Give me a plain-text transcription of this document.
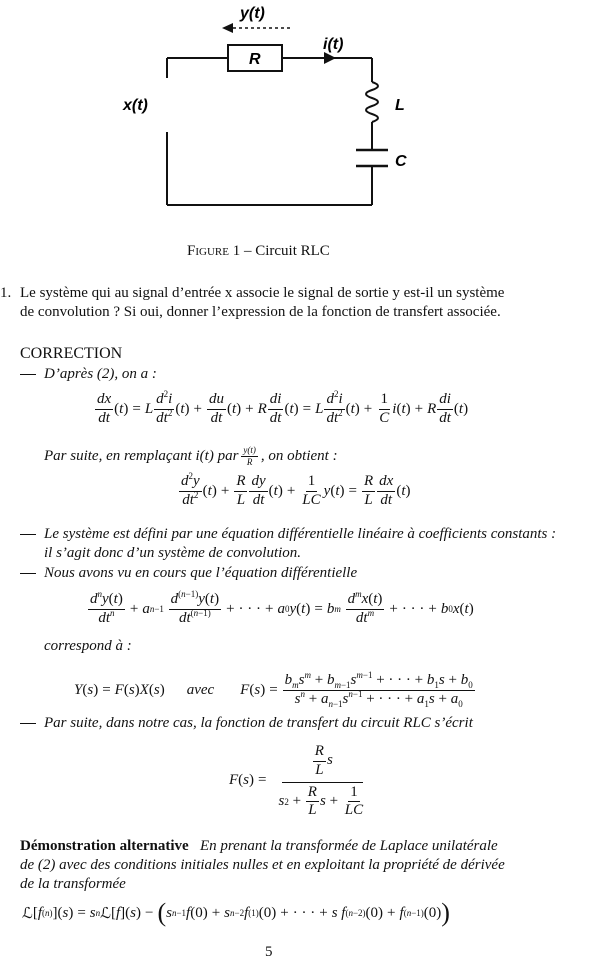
y(t)
i(t)
R
L
C
x(t)
Figure 1 – Circuit RLC
1. Le système qui au signal d’entrée x associe le signal de sortie y est-il un système
de convolution ? Si oui, donner l’expression de la fonction de transfert associée.
CORRECTION
D’après (2), on a :
dx
dt
( t ) = L
$d^2i$
$dt^2$ ( t ) + $\frac{du}{dt}$ ( t ) + R
di
dt
( t ) = L
$d^2i$
$dt^2$ ( t ) + $\frac{1}{C}$ i ( t ) + R
di
dt
( t )
Par suite, en remplaçant i(t) par y(t)
R , on obtient :
$d^2y$
$dt^2$ ( t ) + $\frac{R}{L}$ dy
dt
( t ) + $\frac{1}{LC}$ y ( t ) = $\frac{R}{L}$ dx
dt
( t )
Le système est défini par une équation différentielle linéaire à coefficients constants :
il s’agit donc d’un système de convolution.
Nous avons vu en cours que l’équation différentielle
$d^ny(t)$
$dt^n + a$ n−1

$d^{(n-1)}y(t)$
$dt^{(n-1)}$ + · · · + a 0 y ( t ) = b m

$d^mx(t)$
$dt^m$ + · · · + b 0 x ( t )
correspond à :
Y ( s ) = F ( s ) X ( s ) avec F ( s ) =
$b_ms^m + b_{m-1}s^{m-1}$ + · · · + $b_1s + b_0$
$s^n + a_{n-1}s^{n-1}$ + · · · + $a_1s + a_0$
Par suite, dans notre cas, la fonction de transfert du circuit RLC s’écrit
F ( s ) =
R
L
s
s 2 +
R
L
s +
1
LC
Démonstration alternative En prenant la transformée de Laplace unilatérale
de (2) avec des conditions initiales nulles et en exploitant la propriété de dérivée
de la transformée
ℒ [ f (n) ]( s ) = s n ℒ [ f ]( s ) − ( s n−1 f (0) + s n−2 f (1) (0) + · · · + s f (n−2) (0) + f (n−1) (0) )
5
